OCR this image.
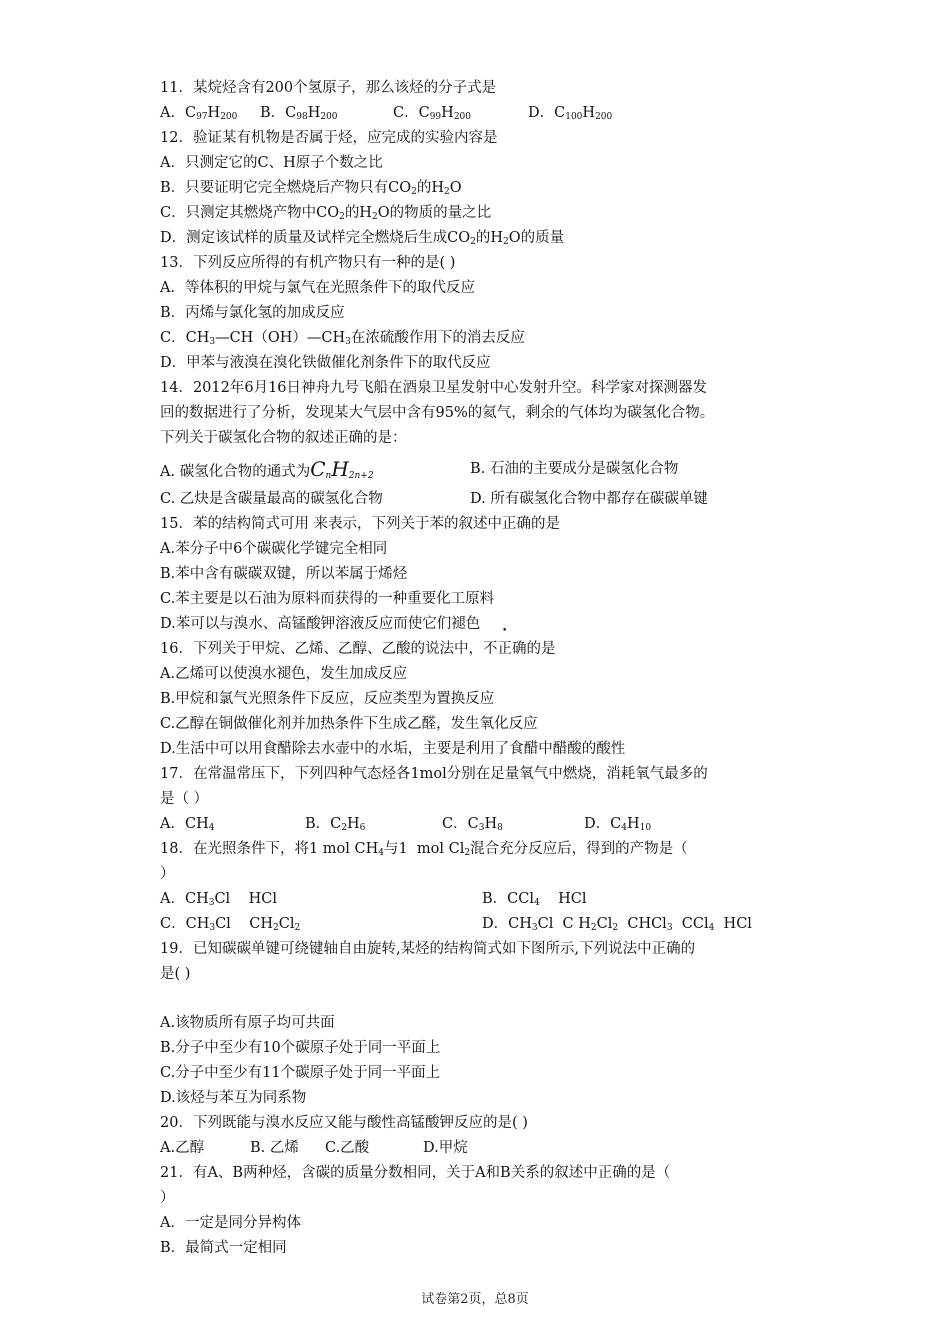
11．某烷烃含有200个氢原子，那么该烃的分子式是
A．$C_{97}H_{200}$	B．$C_{98}H_{200}$	C．$C_{99}H_{200}$	D．$C_{100}H_{200}$
12．验证某有机物是否属于烃，应完成的实验内容是
A．只测定它的C、H原子个数之比
B．只要证明它完全燃烧后产物只有$CO_2$的$H_2O$
C．只测定其燃烧产物中$CO_2$的$H_2O$的物质的量之比
D．测定该试样的质量及试样完全燃烧后生成$CO_2$的$H_2O$的质量
13．下列反应所得的有机产物只有一种的是( )
A．等体积的甲烷与氯气在光照条件下的取代反应
B．丙烯与氯化氢的加成反应
C．$CH_3—CH(OH)—CH_3$在浓硫酸作用下的消去反应
D．甲苯与液溴在溴化铁做催化剂条件下的取代反应
14．2012年6月16日神舟九号飞船在酒泉卫星发射中心发射升空。科学家对探测器发
回的数据进行了分析，发现某大气层中含有95%的氦气，剩余的气体均为碳氢化合物。
下列关于碳氢化合物的叙述正确的是：
A. 碳氢化合物的通式为$C_nH_{2n+2}$	B. 石油的主要成分是碳氢化合物
C. 乙炔是含碳量最高的碳氢化合物	D. 所有碳氢化合物中都存在碳碳单键
15．苯的结构简式可用 来表示，下列关于苯的叙述中正确的是
A.苯分子中6个碳碳化学键完全相同
B.苯中含有碳碳双键，所以苯属于烯烃
C.苯主要是以石油为原料而获得的一种重要化工原料
D.苯可以与溴水、高锰酸钾溶液反应而使它们褪色
16．下列关于甲烷、乙烯、乙醇、乙酸的说法中，不正确的是
A.乙烯可以使溴水褪色，发生加成反应
B.甲烷和氯气光照条件下反应，反应类型为置换反应
C.乙醇在铜做催化剂并加热条件下生成乙醛，发生氧化反应
D.生活中可以用食醋除去水壶中的水垢，主要是利用了食醋中醋酸的酸性
17．在常温常压下，下列四种气态烃各1mol分别在足量氧气中燃烧，消耗氧气最多的
是（ ）
A．$CH_4$	B．$C_2H_6$	C．$C_3H_8$	D．$C_4H_{10}$
18．在光照条件下，将1 mol $CH_4$与1  mol $Cl_2$混合充分反应后，得到的产物是（
）
A．$CH_3Cl$    HCl	B．CCl$_4$    HCl
C．$CH_3Cl$    $CH_2Cl_2$	D．$CH_3Cl$  C $H_2Cl_2$  CHCl$_3$  CCl$_4$  HCl
19．已知碳碳单键可绕键轴自由旋转,某烃的结构简式如下图所示,下列说法中正确的
是( )
A.该物质所有原子均可共面
B.分子中至少有10个碳原子处于同一平面上
C.分子中至少有11个碳原子处于同一平面上
D.该烃与苯互为同系物
20．下列既能与溴水反应又能与酸性高锰酸钾反应的是( )
A.乙醇	B. 乙烯	C.乙酸	D.甲烷
21．有A、B两种烃，含碳的质量分数相同，关于A和B关系的叙述中正确的是（
）
A．一定是同分异构体
B．最简式一定相同
试卷第2页，总8页
